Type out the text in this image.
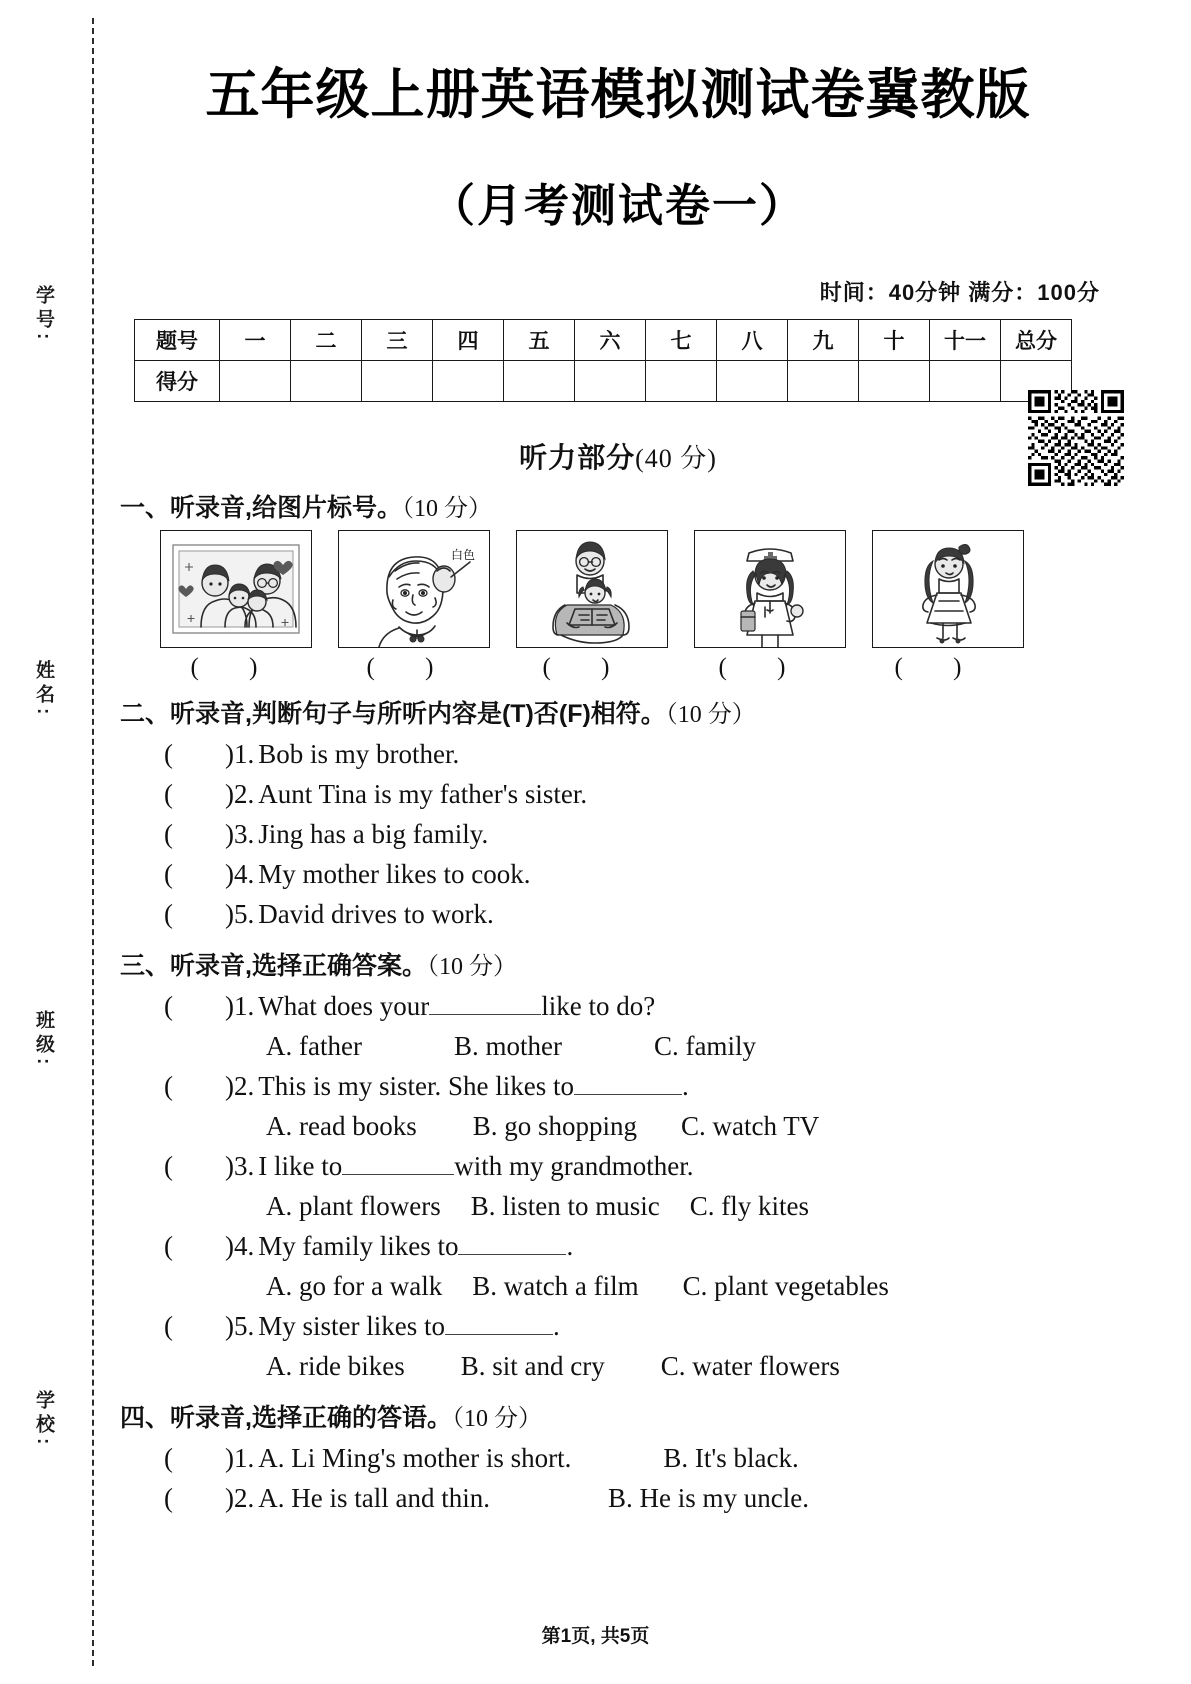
学号:
姓名:
班级:
学校:
五年级上册英语模拟测试卷冀教版
（月考测试卷一）
时间：40分钟 满分：100分
题号	一	二	三	四	五	六	七	八	九	十	十一	总分
得分												
听力部分(40 分)
一、听录音,给图片标号。（10 分）
白色
( )	( )	( )	( )	( )
二、听录音,判断句子与所听内容是(T)否(F)相符。（10 分）
( )1. Bob is my brother.
( )2. Aunt Tina is my father's sister.
( )3. Jing has a big family.
( )4. My mother likes to cook.
( )5. David drives to work.
三、听录音,选择正确答案。（10 分）
( )1. What does your	like to do?
A. father	B. mother	C. family
( )2. This is my sister. She likes to	.
A. read books B. go shopping C. watch TV
( )3. I like to	with my grandmother.
A. plant flowers B. listen to music C. fly kites
( )4. My family likes to	.
A. go for a walk B. watch a film C. plant vegetables
( )5. My sister likes to	.
A. ride bikes B. sit and cry C. water flowers
四、听录音,选择正确的答语。（10 分）
( )1. A. Li Ming's mother is short.	B. It's black.
( )2. A. He is tall and thin.	B. He is my uncle.
第1页, 共5页
